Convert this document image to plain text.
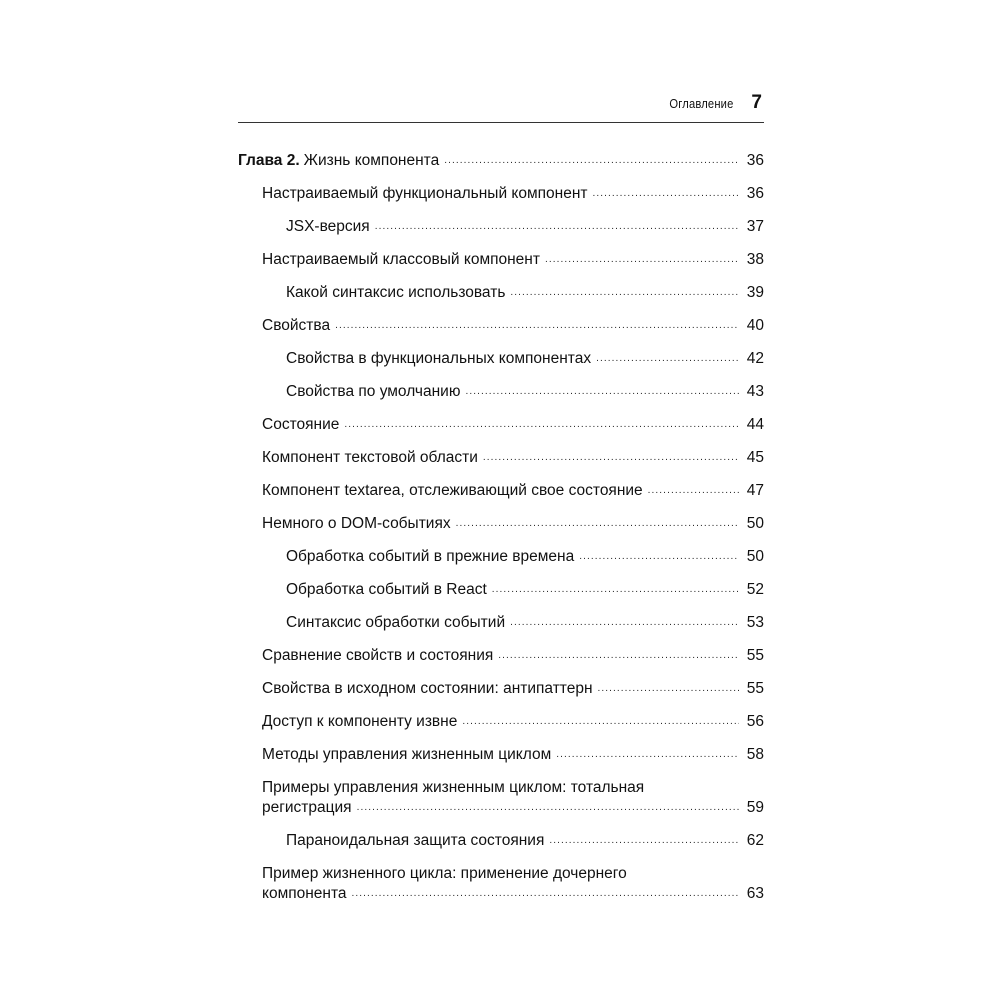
Оглавление 7
Глава 2. Жизнь компонента .....	36
Настраиваемый функциональный компонент .....	36
JSX-версия .....	37
Настраиваемый классовый компонент .....	38
Какой синтаксис использовать .....	39
Свойства .....	40
Свойства в функциональных компонентах .....	42
Свойства по умолчанию .....	43
Состояние .....	44
Компонент текстовой области .....	45
Компонент textarea, отслеживающий свое состояние .....	47
Немного о DOM-событиях .....	50
Обработка событий в прежние времена .....	50
Обработка событий в React .....	52
Синтаксис обработки событий .....	53
Сравнение свойств и состояния .....	55
Свойства в исходном состоянии: антипаттерн .....	55
Доступ к компоненту извне .....	56
Методы управления жизненным циклом .....	58
Примеры управления жизненным циклом: тотальная
регистрация .....	59
Параноидальная защита состояния .....	62
Пример жизненного цикла: применение дочернего
компонента .....	63
